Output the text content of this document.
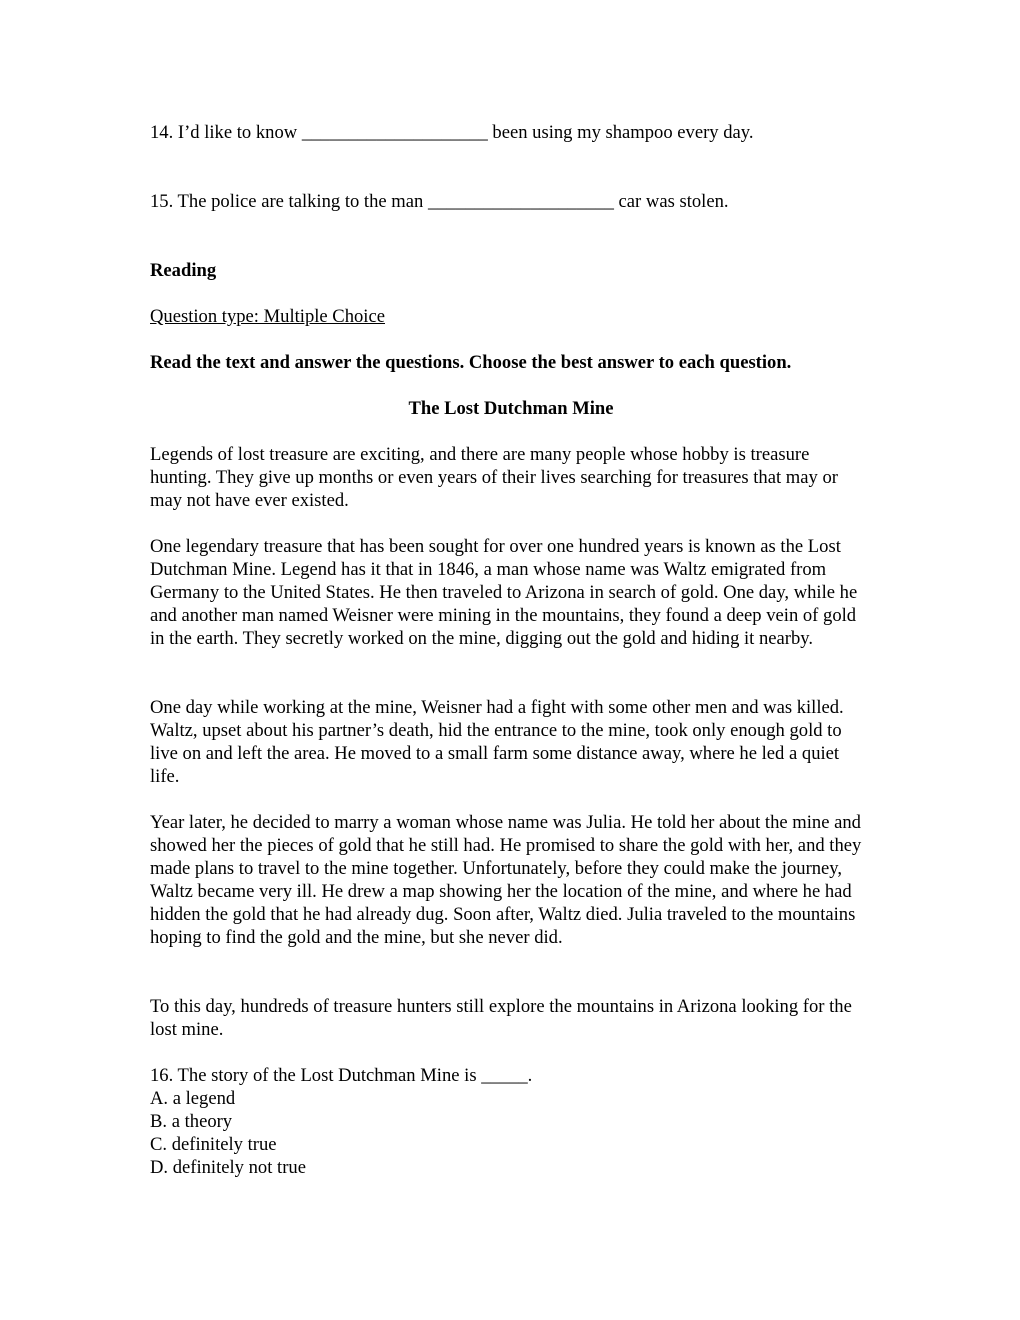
14. I’d like to know ____________________ been using my shampoo every day.

15. The police are talking to the man ____________________ car was stolen.

Reading

Question type: Multiple Choice

Read the text and answer the questions. Choose the best answer to each question.

The Lost Dutchman Mine

Legends of lost treasure are exciting, and there are many people whose hobby is treasure hunting. They give up months or even years of their lives searching for treasures that may or may not have ever existed.

One legendary treasure that has been sought for over one hundred years is known as the Lost Dutchman Mine. Legend has it that in 1846, a man whose name was Waltz emigrated from Germany to the United States. He then traveled to Arizona in search of gold. One day, while he and another man named Weisner were mining in the mountains, they found a deep vein of gold in the earth. They secretly worked on the mine, digging out the gold and hiding it nearby.

One day while working at the mine, Weisner had a fight with some other men and was killed. Waltz, upset about his partner’s death, hid the entrance to the mine, took only enough gold to live on and left the area. He moved to a small farm some distance away, where he led a quiet life.

Year later, he decided to marry a woman whose name was Julia. He told her about the mine and showed her the pieces of gold that he still had. He promised to share the gold with her, and they made plans to travel to the mine together. Unfortunately, before they could make the journey, Waltz became very ill. He drew a map showing her the location of the mine, and where he had hidden the gold that he had already dug. Soon after, Waltz died. Julia traveled to the mountains hoping to find the gold and the mine, but she never did.

To this day, hundreds of treasure hunters still explore the mountains in Arizona looking for the lost mine.

16. The story of the Lost Dutchman Mine is _____.
A. a legend
B. a theory
C. definitely true
D. definitely not true
